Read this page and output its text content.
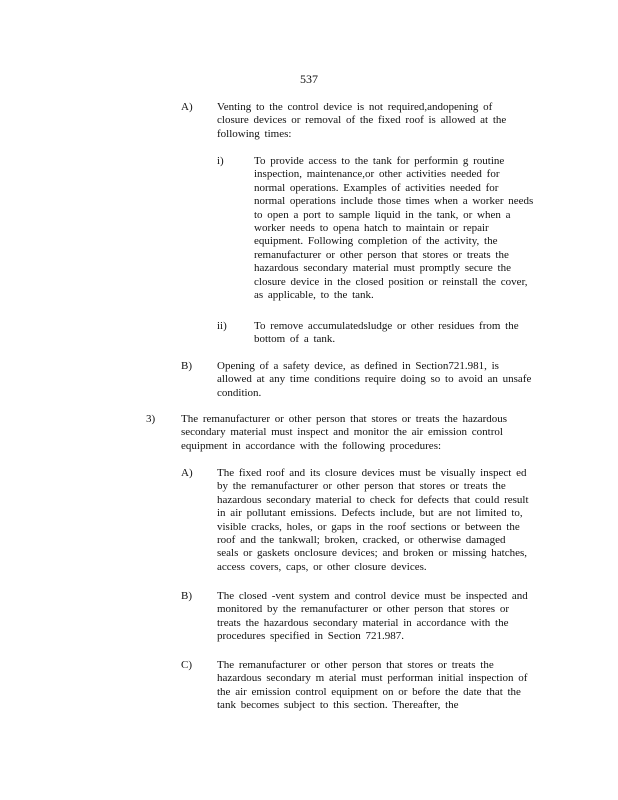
537
A) Venting to the control device is not required,andopening of
closure devices or removal of the fixed roof is allowed at the
following times:
i)	To provide access to the tank for performin g routine
inspection, maintenance,or other activities needed for
normal operations. Examples of activities needed for
normal operations include those times when a worker needs
to open a port to sample liquid in the tank, or when a
worker needs to opena hatch to maintain or repair
equipment. Following completion of the activity, the
remanufacturer or other person that stores or treats the
hazardous secondary material must promptly secure the
closure device in the closed position or reinstall the cover,
as applicable, to the tank.
ii) To remove accumulatedsludge or other residues from the
bottom of a tank.
B) Opening of a safety device, as defined in Section721.981, is
allowed at any time conditions require doing so to avoid an unsafe
condition.
3) The remanufacturer or other person that stores or treats the hazardous
secondary material must inspect and monitor the air emission control
equipment in accordance with the following procedures:
A) The fixed roof and its closure devices must be visually inspect ed
by the remanufacturer or other person that stores or treats the
hazardous secondary material to check for defects that could result
in air pollutant emissions. Defects include, but are not limited to,
visible cracks, holes, or gaps in the roof sections or between the
roof and the tankwall; broken, cracked, or otherwise damaged
seals or gaskets onclosure devices; and broken or missing hatches,
access covers, caps, or other closure devices.
B) The closed -vent system and control device must be inspected and
monitored by the remanufacturer or other person that stores or
treats the hazardous secondary material in accordance with the
procedures specified in Section 721.987.
C) The remanufacturer or other person that stores or treats the
hazardous secondary m aterial must performan initial inspection of
the air emission control equipment on or before the date that the
tank becomes subject to this section. Thereafter, the
